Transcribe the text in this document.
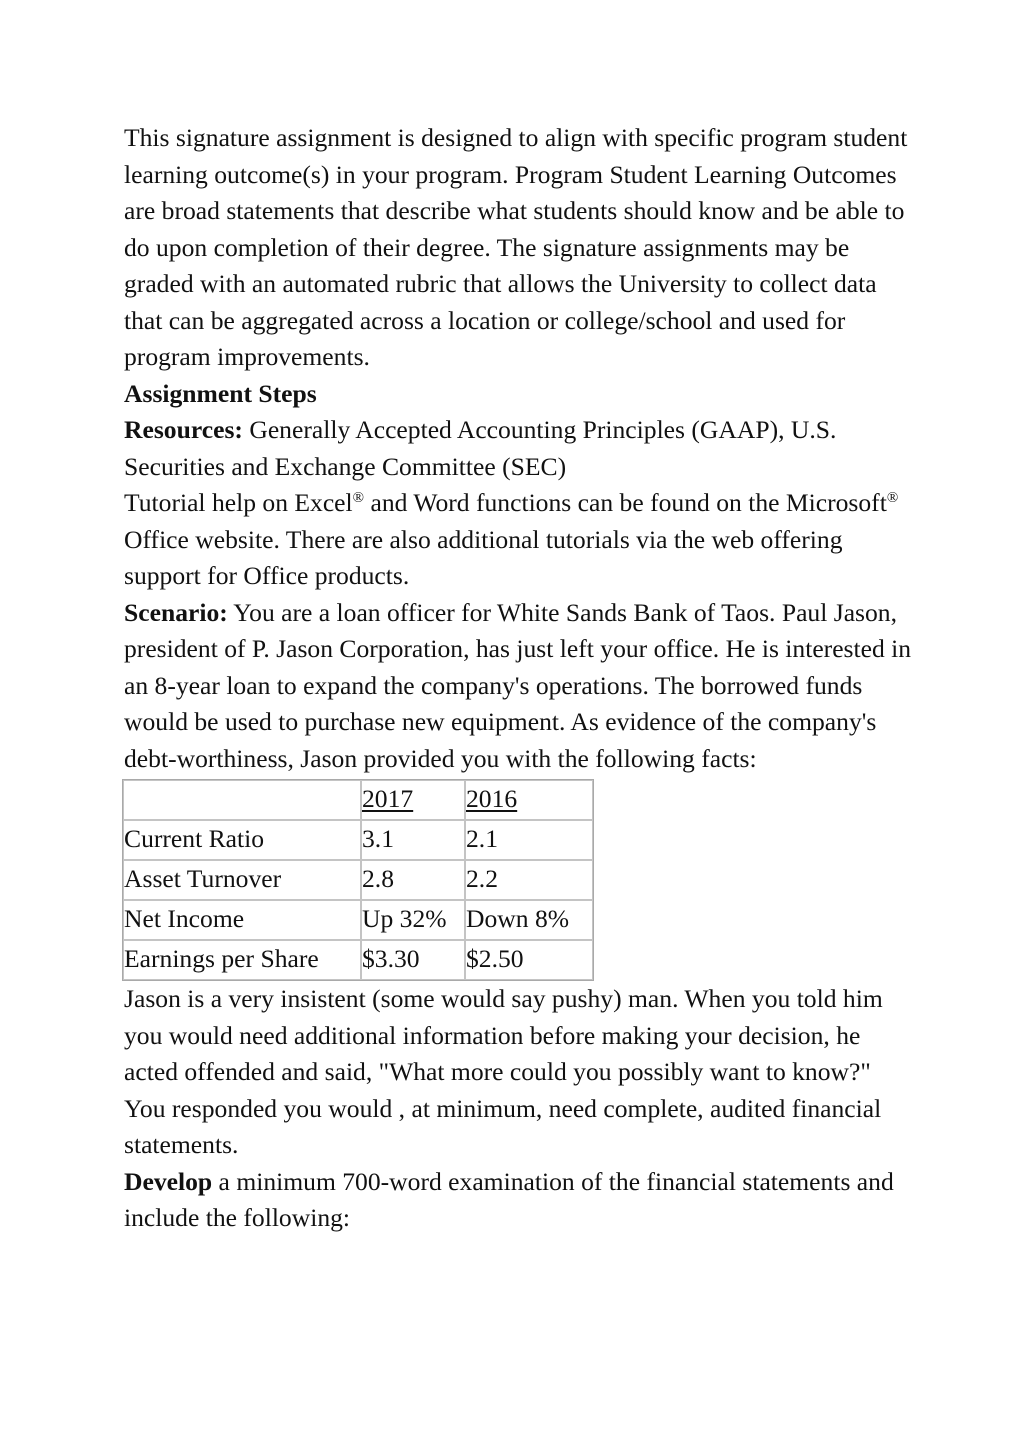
This signature assignment is designed to align with specific program student learning outcome(s) in your program. Program Student Learning Outcomes are broad statements that describe what students should know and be able to do upon completion of their degree. The signature assignments may be graded with an automated rubric that allows the University to collect data that can be aggregated across a location or college/school and used for program improvements.

Assignment Steps

Resources: Generally Accepted Accounting Principles (GAAP), U.S. Securities and Exchange Committee (SEC)

Tutorial help on Excel® and Word functions can be found on the Microsoft® Office website. There are also additional tutorials via the web offering support for Office products.

Scenario: You are a loan officer for White Sands Bank of Taos. Paul Jason, president of P. Jason Corporation, has just left your office. He is interested in an 8-year loan to expand the company's operations. The borrowed funds would be used to purchase new equipment. As evidence of the company's debt-worthiness, Jason provided you with the following facts:

	2017	2016
Current Ratio	3.1	2.1
Asset Turnover	2.8	2.2
Net Income	Up 32%	Down 8%
Earnings per Share	$3.30	$2.50

Jason is a very insistent (some would say pushy) man. When you told him you would need additional information before making your decision, he acted offended and said, "What more could you possibly want to know?" You responded you would , at minimum, need complete, audited financial statements.

Develop a minimum 700-word examination of the financial statements and include the following:
